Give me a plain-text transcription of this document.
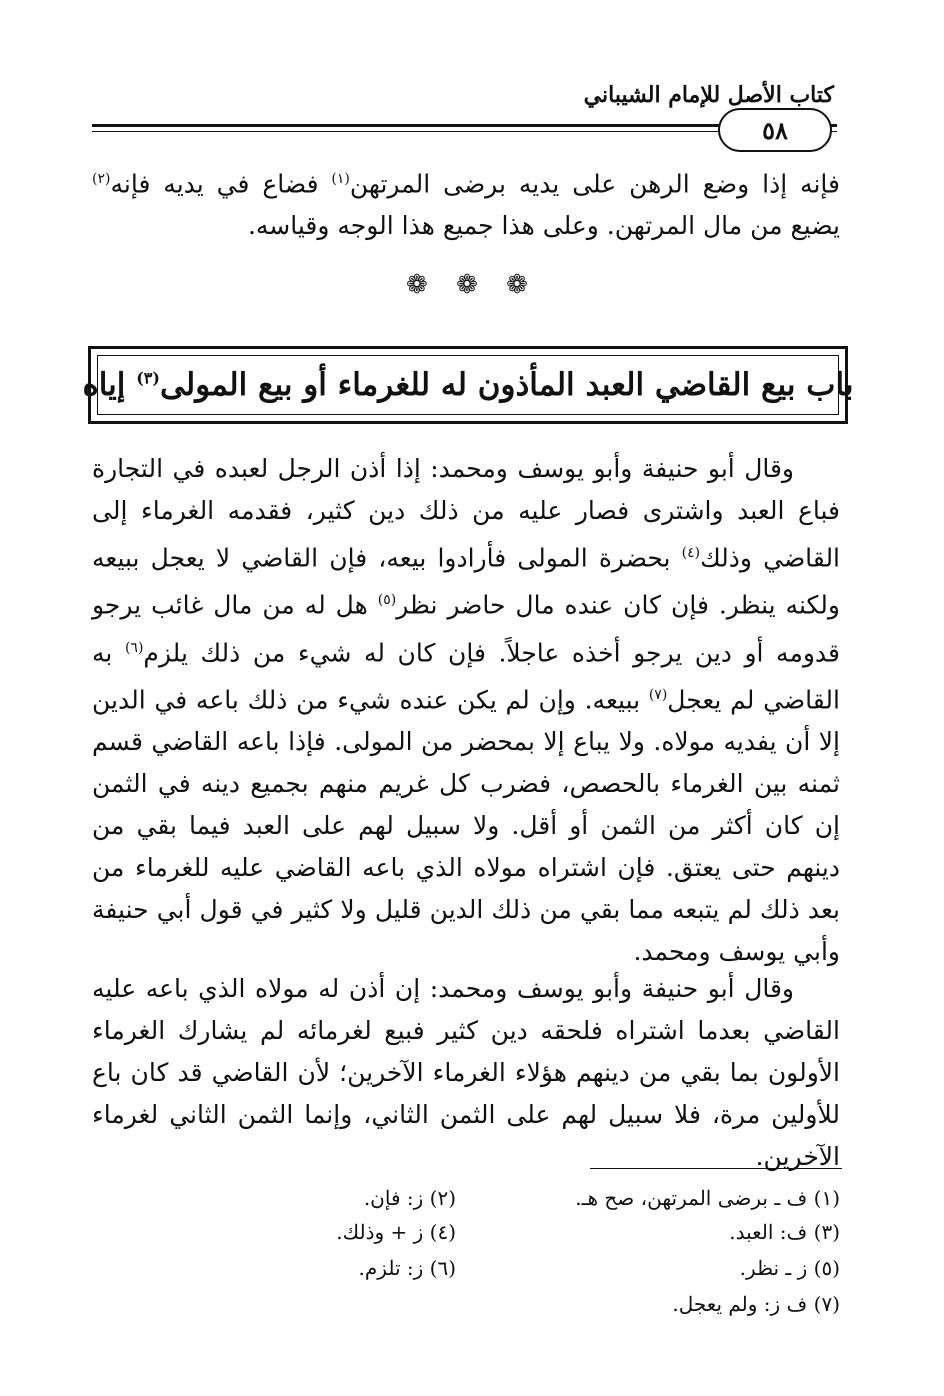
كتاب الأصل للإمام الشيباني
٥٨
فإنه إذا وضع الرهن على يديه برضى المرتهن$^{(١)}$ فضاع في يديه فإنه$^{(٢)}$ يضيع من مال المرتهن. وعلى هذا جميع هذا الوجه وقياسه.
❁ ❁ ❁
باب بيع القاضي العبد المأذون له للغرماء أو بيع المولى$^{(٣)}$ إياه
وقال أبو حنيفة وأبو يوسف ومحمد: إذا أذن الرجل لعبده في التجارة فباع العبد واشترى فصار عليه من ذلك دين كثير، فقدمه الغرماء إلى القاضي وذلك$^{(٤)}$ بحضرة المولى فأرادوا بيعه، فإن القاضي لا يعجل ببيعه ولكنه ينظر. فإن كان عنده مال حاضر نظر$^{(٥)}$ هل له من مال غائب يرجو قدومه أو دين يرجو أخذه عاجلاً. فإن كان له شيء من ذلك يلزم$^{(٦)}$ به القاضي لم يعجل$^{(٧)}$ ببيعه. وإن لم يكن عنده شيء من ذلك باعه في الدين إلا أن يفديه مولاه. ولا يباع إلا بمحضر من المولى. فإذا باعه القاضي قسم ثمنه بين الغرماء بالحصص، فضرب كل غريم منهم بجميع دينه في الثمن إن كان أكثر من الثمن أو أقل. ولا سبيل لهم على العبد فيما بقي من دينهم حتى يعتق. فإن اشتراه مولاه الذي باعه القاضي عليه للغرماء من بعد ذلك لم يتبعه مما بقي من ذلك الدين قليل ولا كثير في قول أبي حنيفة وأبي يوسف ومحمد.
وقال أبو حنيفة وأبو يوسف ومحمد: إن أذن له مولاه الذي باعه عليه القاضي بعدما اشتراه فلحقه دين كثير فبيع لغرمائه لم يشارك الغرماء الأولون بما بقي من دينهم هؤلاء الغرماء الآخرين؛ لأن القاضي قد كان باع للأولين مرة، فلا سبيل لهم على الثمن الثاني، وإنما الثمن الثاني لغرماء الآخرين.
(١) ف ـ برضى المرتهن، صح هـ.
(٢) ز: فإن.
(٣) ف: العبد.
(٤) ز + وذلك.
(٥) ز ـ نظر.
(٦) ز: تلزم.
(٧) ف ز: ولم يعجل.
